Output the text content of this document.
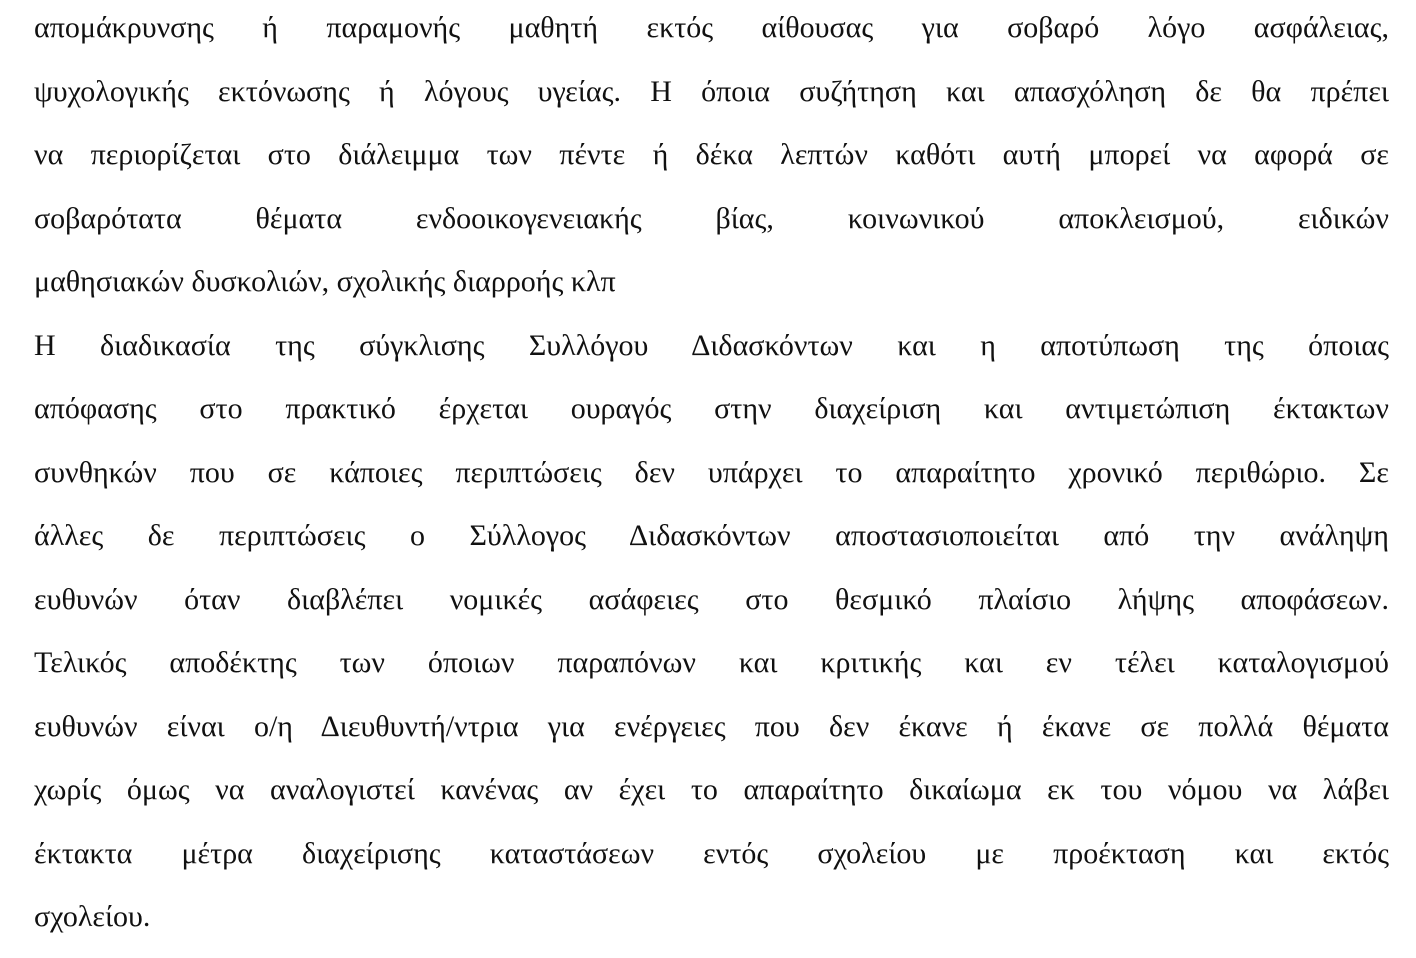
απομάκρυνσης ή παραμονής μαθητή εκτός αίθουσας για σοβαρό λόγο ασφάλειας,
ψυχολογικής εκτόνωσης ή λόγους υγείας. Η όποια συζήτηση και απασχόληση δε θα πρέπει
να περιορίζεται στο διάλειμμα των πέντε ή δέκα λεπτών καθότι αυτή μπορεί να αφορά σε
σοβαρότατα θέματα ενδοοικογενειακής βίας, κοινωνικού αποκλεισμού, ειδικών
μαθησιακών δυσκολιών, σχολικής διαρροής κλπ
Η διαδικασία της σύγκλισης Συλλόγου Διδασκόντων και η αποτύπωση της όποιας
απόφασης στο πρακτικό έρχεται ουραγός στην διαχείριση και αντιμετώπιση έκτακτων
συνθηκών που σε κάποιες περιπτώσεις δεν υπάρχει το απαραίτητο χρονικό περιθώριο. Σε
άλλες δε περιπτώσεις ο Σύλλογος Διδασκόντων αποστασιοποιείται από την ανάληψη
ευθυνών όταν διαβλέπει νομικές ασάφειες στο θεσμικό πλαίσιο λήψης αποφάσεων.
Τελικός αποδέκτης των όποιων παραπόνων και κριτικής και εν τέλει καταλογισμού
ευθυνών είναι ο/η Διευθυντή/ντρια για ενέργειες που δεν έκανε ή έκανε σε πολλά θέματα
χωρίς όμως να αναλογιστεί κανένας αν έχει το απαραίτητο δικαίωμα εκ του νόμου να λάβει
έκτακτα μέτρα διαχείρισης καταστάσεων εντός σχολείου με προέκταση και εκτός
σχολείου.
